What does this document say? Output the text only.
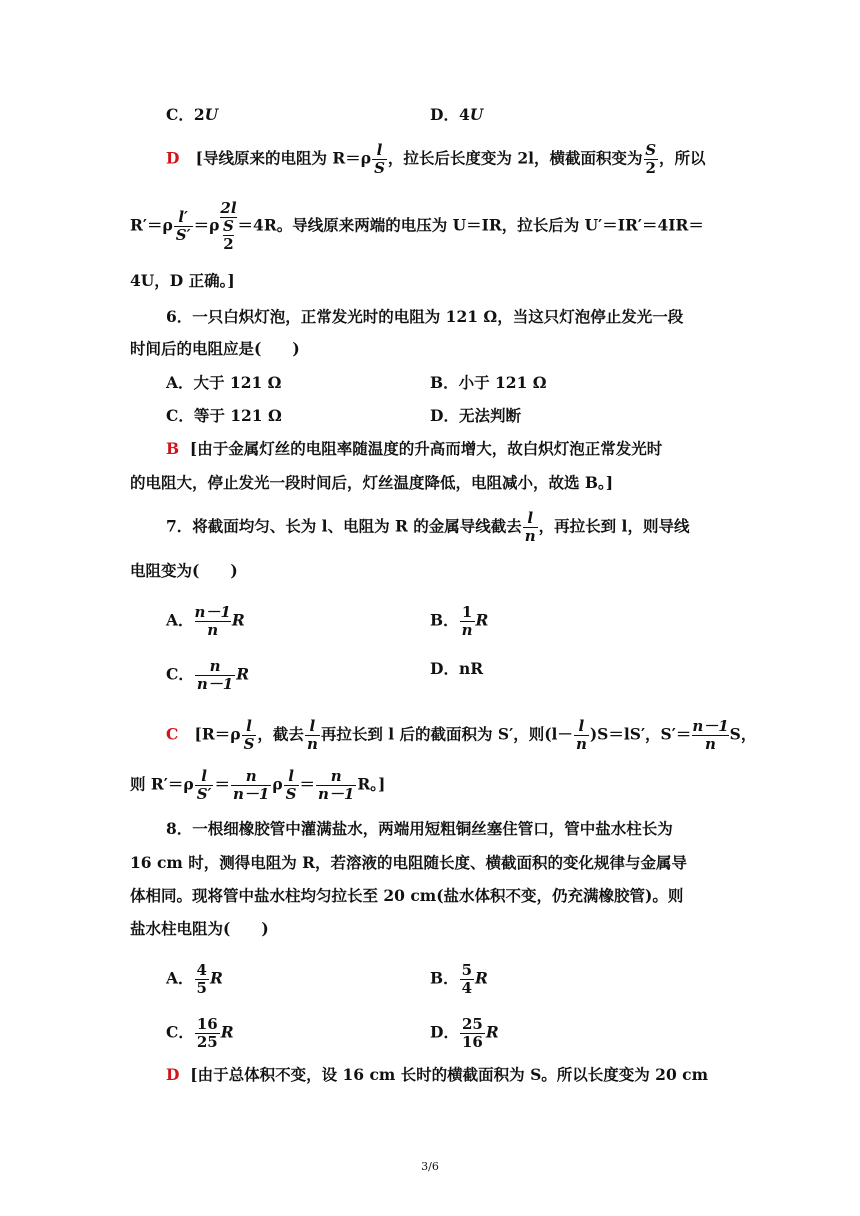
C．2U	D．4U
D [导线原来的电阻为 $R=\rho \frac{l}{S}$ ，拉长后长度变为 2l，横截面积变为 $\frac{S}{2}$ ，所以
$R'=\rho \frac{l'}{S'} =\rho \frac{2l}{\frac{S}{2}} =4R$。导线原来两端的电压为 U＝IR，拉长后为 U′＝IR′＝4IR＝
4U，D 正确。]
6．一只白炽灯泡，正常发光时的电阻为 121 Ω，当这只灯泡停止发光一段
时间后的电阻应是(　　)
A．大于 121 Ω	B．小于 121 Ω
C．等于 121 Ω	D．无法判断
B [由于金属灯丝的电阻率随温度的升高而增大，故白炽灯泡正常发光时
的电阻大，停止发光一段时间后，灯丝温度降低，电阻减小，故选 B。]
7．将截面均匀、长为 l、电阻为 R 的金属导线截去 $\frac{l}{n}$ ，再拉长到 l，则导线
电阻变为(　　)
A． $\frac{n-1}{n}$ R	B． $\frac{1}{n}$ R
C． $\frac{n}{n-1}$ R	D．nR
C [$R=\rho \frac{l}{S}$ ，截去 $\frac{l}{n}$ 再拉长到 l 后的截面积为 S′，则$(l- \frac{l}{n} )S=lS'$，$S'= \frac{n-1}{n}$ S，
则 $R'=\rho \frac{l}{S'} = \frac{n}{n-1}$ ρ $\frac{l}{S} = \frac{n}{n-1}$ R。]
8．一根细橡胶管中灌满盐水，两端用短粗铜丝塞住管口，管中盐水柱长为
16 cm 时，测得电阻为 R，若溶液的电阻随长度、横截面积的变化规律与金属导
体相同。现将管中盐水柱均匀拉长至 20 cm(盐水体积不变，仍充满橡胶管)。则
盐水柱电阻为(　　)
A． $\frac{4}{5}$ R	B． $\frac{5}{4}$ R
C． $\frac{16}{25}$ R	D． $\frac{25}{16}$ R
D [由于总体积不变，设 16 cm 长时的横截面积为 S。所以长度变为 20 cm
3/6
